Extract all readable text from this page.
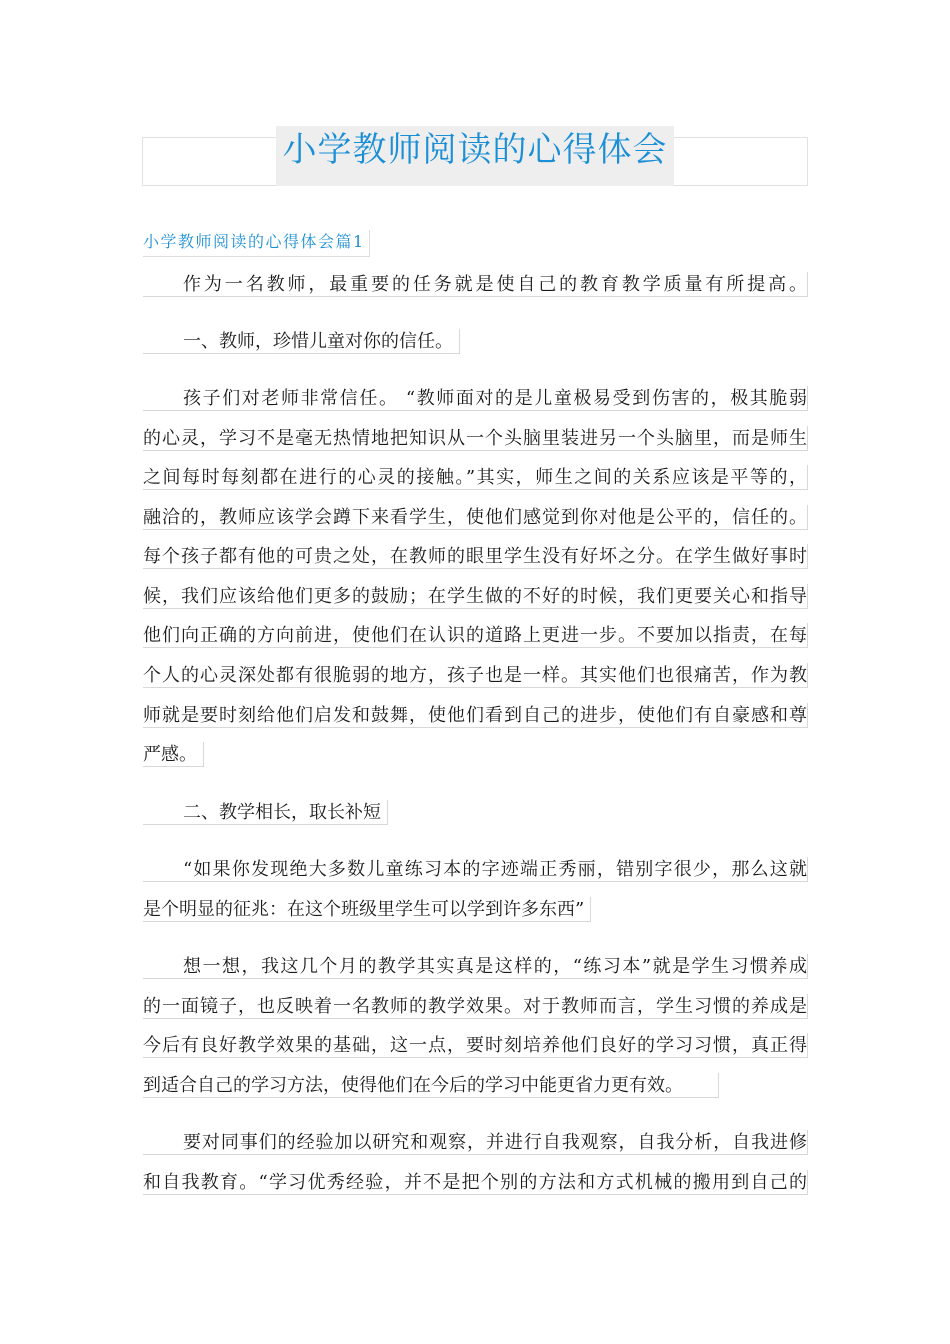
小学教师阅读的心得体会
小学教师阅读的心得体会篇1
作为一名教师，最重要的任务就是使自己的教育教学质量有所提高。
一、教师，珍惜儿童对你的信任。
孩子们对老师非常信任。 “教师面对的是儿童极易受到伤害的，极其脆弱
的心灵，学习不是毫无热情地把知识从一个头脑里装进另一个头脑里，而是师生
之间每时每刻都在进行的心灵的接触。”其实，师生之间的关系应该是平等的，
融洽的，教师应该学会蹲下来看学生，使他们感觉到你对他是公平的，信任的。
每个孩子都有他的可贵之处，在教师的眼里学生没有好坏之分。在学生做好事时
候，我们应该给他们更多的鼓励；在学生做的不好的时候，我们更要关心和指导
他们向正确的方向前进，使他们在认识的道路上更进一步。不要加以指责，在每
个人的心灵深处都有很脆弱的地方，孩子也是一样。其实他们也很痛苦，作为教
师就是要时刻给他们启发和鼓舞，使他们看到自己的进步，使他们有自豪感和尊
严感。
二、教学相长，取长补短
“如果你发现绝大多数儿童练习本的字迹端正秀丽，错别字很少，那么这就
是个明显的征兆：在这个班级里学生可以学到许多东西”
想一想，我这几个月的教学其实真是这样的，“练习本”就是学生习惯养成
的一面镜子，也反映着一名教师的教学效果。对于教师而言，学生习惯的养成是
今后有良好教学效果的基础，这一点，要时刻培养他们良好的学习习惯，真正得
到适合自己的学习方法，使得他们在今后的学习中能更省力更有效。
要对同事们的经验加以研究和观察，并进行自我观察，自我分析，自我进修
和自我教育。“学习优秀经验，并不是把个别的方法和方式机械的搬用到自己的
